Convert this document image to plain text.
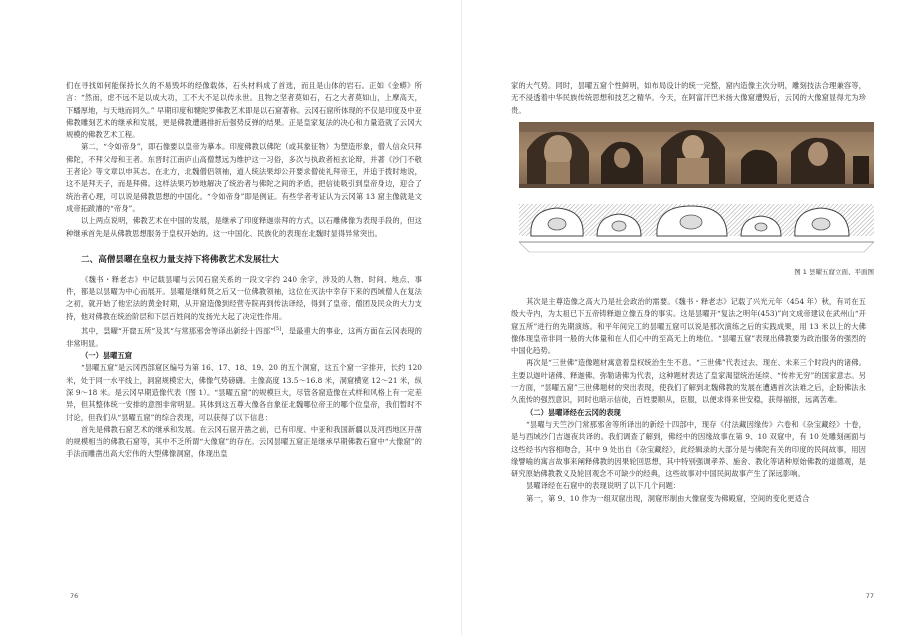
们在寻找如何能保持长久的不易毁坏的经像载体，石头材料成了首选，而且是山体的岩石。正如《金蟒》所言：“然而，虑不远不足以成大功，工不大不足以传永世。且物之坚者莫如石，石之大者莫如山，上摩高天，下蟠厚地，与天地而同久。” 早期印度和犍陀罗佛教艺术即是以石窟著称。云冈石窟所体现的不仅是印度及中亚佛教雕刻艺术的继承和发展，更是佛教遭遇排折后强势反弹的结果。正是皇家复法的决心和力量造就了云冈大规模的佛教艺术工程。

第二，“令如帝身”，即石像要以皇帝为摹本。印度佛教以佛陀（或其象征物）为塑造形象，僧人信众只拜佛陀，不拜父母和王者。东晋时江南庐山高僧慧远为维护这一习俗，多次与执政者桓玄论辩，并著《沙门不敬王者论》等文章以申其志。在北方，北魏僧侣领袖，道人统法果却公开要求僧徒礼拜帝王，并追于拨时地说，这不是拜天子，而是拜佛。这样法果巧妙地解决了统治者与佛陀之间的矛盾，把信徒吸引到皇帝身边，迎合了统治者心理，可以说是佛教思想的中国化。“令如帝身”即是例证。有些学者考证认为云冈第 13 窟主像就是文成帝拓跋濬的“帝身”。

以上两点说明，佛教艺术在中国的发展，是继承了印度释迦崇拜的方式，以石雕佛像为表现手段的，但这种继承首先是从佛教思想服务于皇权开始的。这一中国化、民族化的表现在北魏时显得异常突出。

二、高僧昙曜在皇权力量支持下将佛教艺术发展壮大

《魏书・释老志》中记载昙曜与云冈石窟关系的一段文字约 240 余字，涉及的人物、时间、地点、事件，都是以昙曜为中心而展开。昙曜是继师贤之后又一位佛教领袖，这位在灭法中幸存下来的西域僧人在复法之初，就开始了他宏法的黄金时期，从开窟造像到经营寺院再到传法译经，得到了皇帝、僧团及民众的大力支持，他对佛教在统治阶层和下层百姓间的发扬光大起了决定性作用。

其中，昙曜“开窟五所”及其“与常那邪舍等译出新经十四部”[5]，是最重大的事业，这两方面在云冈表现的非常明显。

（一）昙曜五窟

“昙曜五窟”是云冈西部窟区编号为第 16、17、18、19、20 的五个洞窟，这五个窟一字排开，长约 120 米，处于同一水平线上，洞窟规模宏大，佛像气势磅礴。主像高度 13.5～16.8 米，洞窟横宽 12～21 米，纵深 9～18 米。是云冈早期造像代表（图 1）。“昙曜五窟”的规模巨大，尽管各窟造像在式样和风格上有一定差异，但其整体统一安排的意图非常明显。其体到这五尊大像各自象征北魏哪位帝王的哪个位皇帝，我们暂时不讨论，但我们从“昙曜五窟”的综合表现，可以获得了以下信息：

首先是佛教石窟艺术的继承和发展。在云冈石窟开凿之前，已有印度、中亚和我国新疆以及河西地区开凿的规模相当的佛教石窟等，其中不乏所谓“大像窟”的存在。云冈昙曜五窟正是继承早期佛教石窟中“大像窟”的手法而雕凿出高大宏伟的大型佛像洞窟，体现出皇

76

家的大气势。同时，昙曜五窟个性鲜明，如布局设计的统一完整，窟内造像主次分明，雕刻技法合理兼容等，无不浸透着中华民族传统思想和技艺之精华。今天，在阿富汗巴米扬大像窟遭毁后，云冈的大像窟显得尤为珍贵。

图 1 昙曜五窟立面、平面图

其次是主尊造像之高大乃是社会政治的需要。《魏书・释老志》记载了兴光元年（454 年）秋，有司在五级大寺内，为太祖已下五帝铸释迦立像五身的事实。这是昙曜开“复法之明年(453)”向文成帝建议在武州山“开窟五所”进行的先期演练。和平年间完工的昙曜五窟可以说是那次演练之后的实践成果，用 13 米以上的大佛像体现皇帝非同一般的大体量和在人们心中的至高无上的地位。“昙曜五窟”表现出佛教要为政治服务的强烈的中国化趋势。

再次是“三世佛”造像题材寓意着皇权统治生生不息。“三世佛”代表过去、现在、未来三个时段内的诸佛。主要以迦叶诸佛、释迦佛、弥勒诸佛为代表，这种题材表达了皇家渴望统治延续、“传祚无穷”的国家意志。另一方面，“昙曜五窟”三世佛题材的突出表现，使我们了解到北魏佛教的发展在遭遇首次法难之后，企盼佛法永久流传的强烈意识，同时也暗示信徒，百姓要顺从，臣服，以便求得来世安稳，获得福报，远离苦难。

（二）昙曜译经在云冈的表现

“昙曜与天竺沙门常那邪舍等所译出的新经十四部中，现存《付法藏因缘传》六卷和《杂宝藏经》十卷，是与西域沙门吉迦夜共译的。我们调查了解到，佛经中的因缘故事在第 9、10 双窟中，有 10 处雕刻画面与这些经书内容相吻合，其中 9 处出自《杂宝藏经》，此经辑录的大部分是与佛陀有关的印度的民间故事，用因缘譬喻的寓言故事来阐释佛教的因果轮回思想，其中特别强调孝养、施舍、教化等诸种原始佛教的道德观，是研究原始佛教教义及轮回观念不可缺少的经典，这些故事对中国民间故事产生了深远影响。

昙曜译经在石窟中的表现说明了以下几个问题：

第一，第 9、10 作为一组双窟出现，洞窟形制由大像窟变为佛殿窟，空间的变化更适合

77
